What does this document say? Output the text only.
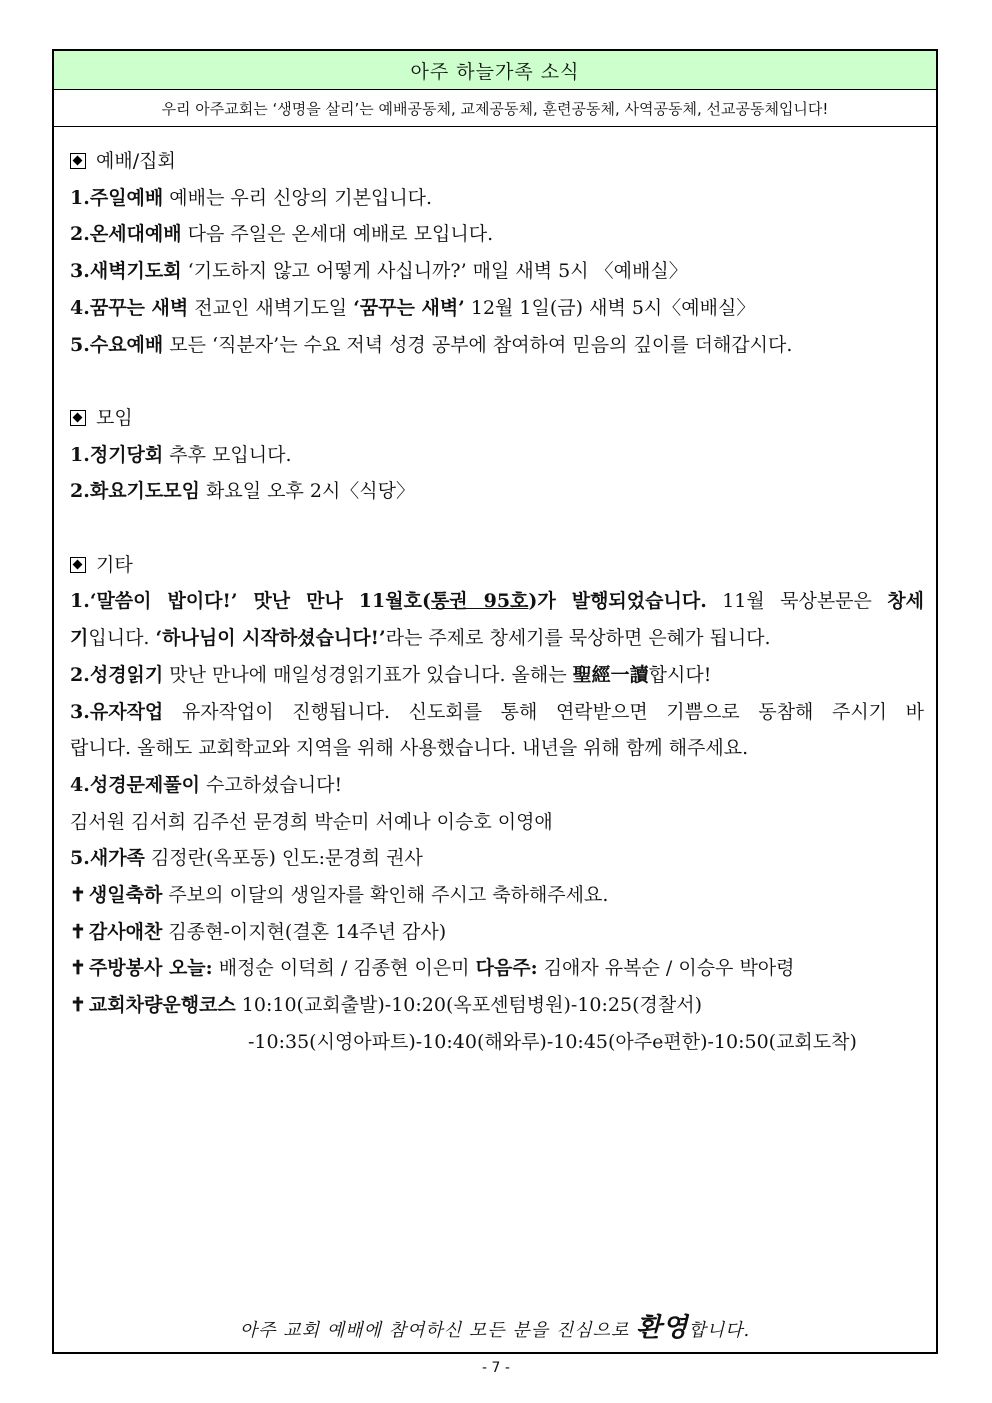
아주 하늘가족 소식
우리 아주교회는 ‘생명을 살리’는 예배공동체, 교제공동체, 훈련공동체, 사역공동체, 선교공동체입니다!
예배/집회
1.주일예배 예배는 우리 신앙의 기본입니다.
2.온세대예배 다음 주일은 온세대 예배로 모입니다.
3.새벽기도회 ‘기도하지 않고 어떻게 사십니까?’ 매일 새벽 5시 〈예배실〉
4.꿈꾸는 새벽 전교인 새벽기도일 ‘꿈꾸는 새벽’ 12월 1일(금) 새벽 5시〈예배실〉
5.수요예배 모든 ‘직분자’는 수요 저녁 성경 공부에 참여하여 믿음의 깊이를 더해갑시다.
모임
1.정기당회 추후 모입니다.
2.화요기도모임 화요일 오후 2시〈식당〉
기타
1.‘말씀이 밥이다!’ 맛난 만나 11월호(통권 95호)가 발행되었습니다. 11월 묵상본문은 창세
기입니다. ‘하나님이 시작하셨습니다!’라는 주제로 창세기를 묵상하면 은혜가 됩니다.
2.성경읽기 맛난 만나에 매일성경읽기표가 있습니다. 올해는 聖經一讀합시다!
3.유자작업 유자작업이 진행됩니다. 신도회를 통해 연락받으면 기쁨으로 동참해 주시기 바
랍니다. 올해도 교회학교와 지역을 위해 사용했습니다. 내년을 위해 함께 해주세요.
4.성경문제풀이 수고하셨습니다!
김서원 김서희 김주선 문경희 박순미 서예나 이승호 이영애
5.새가족 김정란(옥포동) 인도:문경희 권사
✝ 생일축하 주보의 이달의 생일자를 확인해 주시고 축하해주세요.
✝ 감사애찬 김종현-이지현(결혼 14주년 감사)
✝ 주방봉사 오늘: 배정순 이덕희 / 김종현 이은미 다음주: 김애자 유복순 / 이승우 박아령
✝ 교회차량운행코스 10:10(교회출발)-10:20(옥포센텀병원)-10:25(경찰서)
-10:35(시영아파트)-10:40(해와루)-10:45(아주e편한)-10:50(교회도착)
아주 교회 예배에 참여하신 모든 분을 진심으로 환영합니다.
- 7 -
